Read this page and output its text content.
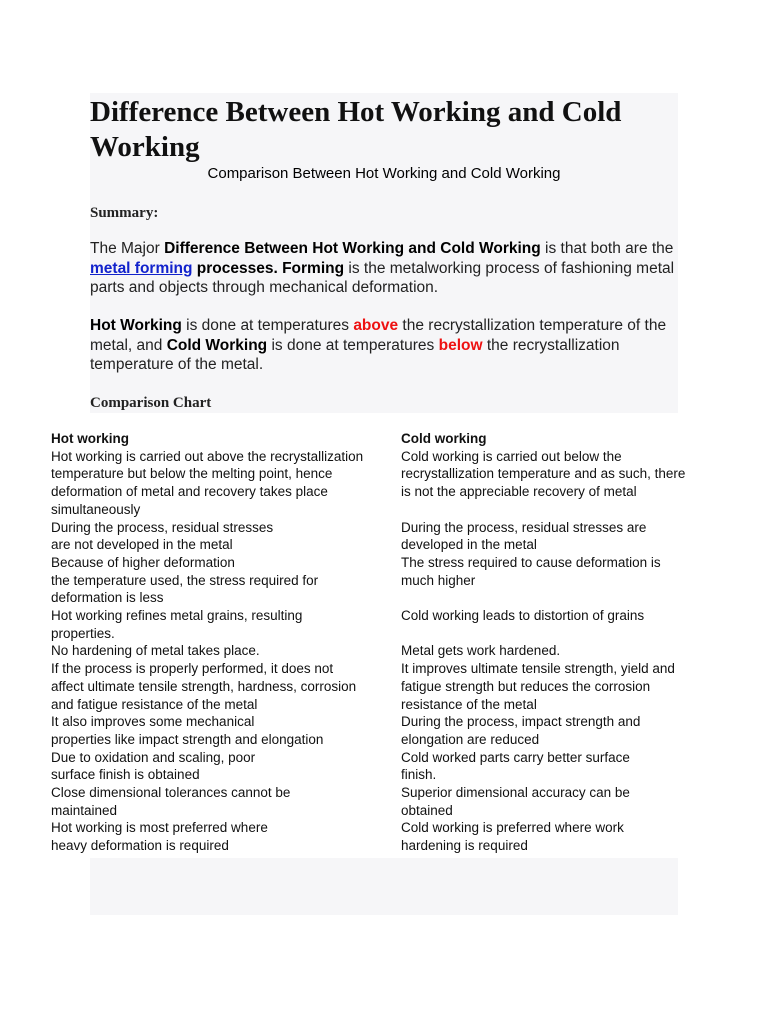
Difference Between Hot Working and Cold Working
Comparison Between Hot Working and Cold Working
Summary:
The Major Difference Between Hot Working and Cold Working is that both are the metal forming processes. Forming is the metalworking process of fashioning metal parts and objects through mechanical deformation.
Hot Working is done at temperatures above the recrystallization temperature of the metal, and Cold Working is done at temperatures below the recrystallization temperature of the metal.
Comparison Chart
Hot working	Cold working
Hot working is carried out above the recrystallization
temperature but below the melting point, hence
deformation of metal and recovery takes place
simultaneously
Cold working is carried out below the
recrystallization temperature and as such, there
is not the appreciable recovery of metal
During the process, residual stresses
are not developed in the metal
During the process, residual stresses are
developed in the metal
Because of higher deformation
the temperature used, the stress required for
deformation is less
The stress required to cause deformation is
much higher
Hot working refines metal grains, resulting
properties.
Cold working leads to distortion of grains
No hardening of metal takes place.	Metal gets work hardened.
If the process is properly performed, it does not
affect ultimate tensile strength, hardness, corrosion
and fatigue resistance of the metal
It improves ultimate tensile strength, yield and
fatigue strength but reduces the corrosion
resistance of the metal
It also improves some mechanical
properties like impact strength and elongation
During the process, impact strength and
elongation are reduced
Due to oxidation and scaling, poor
surface finish is obtained
Cold worked parts carry better surface
finish.
Close dimensional tolerances cannot be
maintained
Superior dimensional accuracy can be
obtained
Hot working is most preferred where
heavy deformation is required
Cold working is preferred where work
hardening is required
